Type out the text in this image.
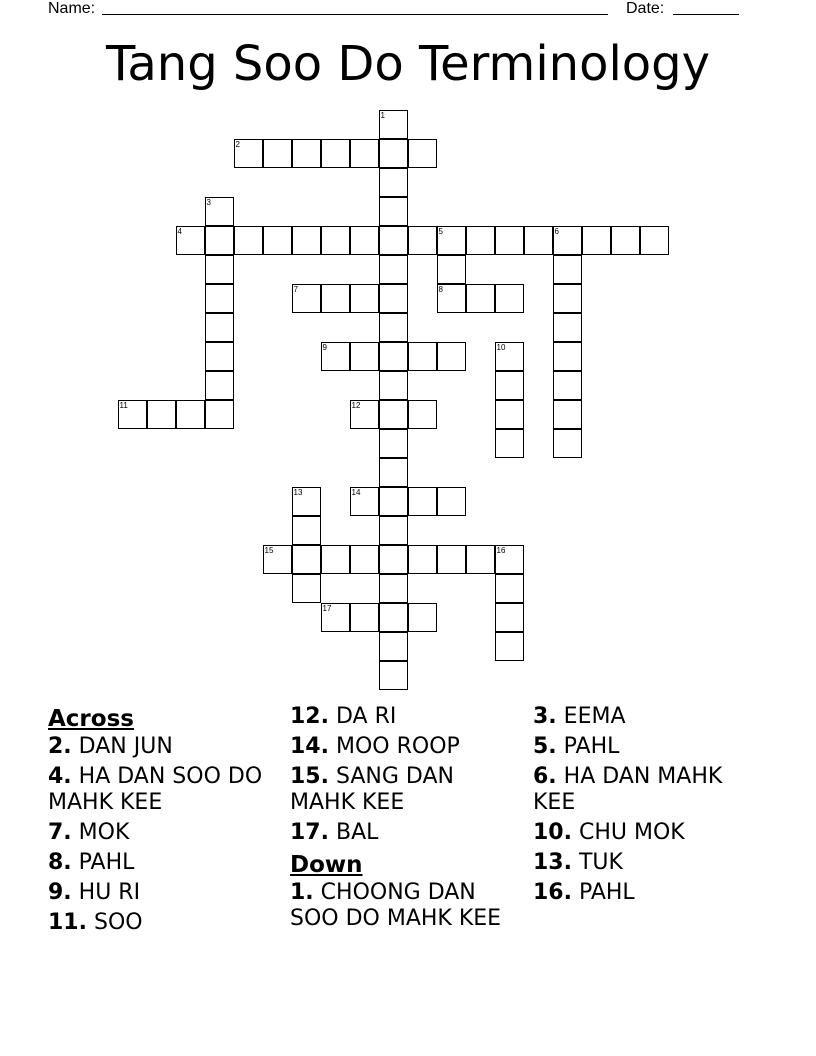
Name:	Date:
Tang Soo Do Terminology
1
2
3
4	5	6
8
7
9	10
11	12
13	14
15	16
17

Across

2. DAN JUN

4. HA DAN SOO DO MAHK KEE

7. MOK

8. PAHL

9. HU RI

11. SOO

12. DA RI

14. MOO ROOP

15. SANG DAN MAHK KEE

17. BAL

Down

1. CHOONG DAN SOO DO MAHK KEE

3. EEMA

5. PAHL

6. HA DAN MAHK KEE

10. CHU MOK

13. TUK

16. PAHL
